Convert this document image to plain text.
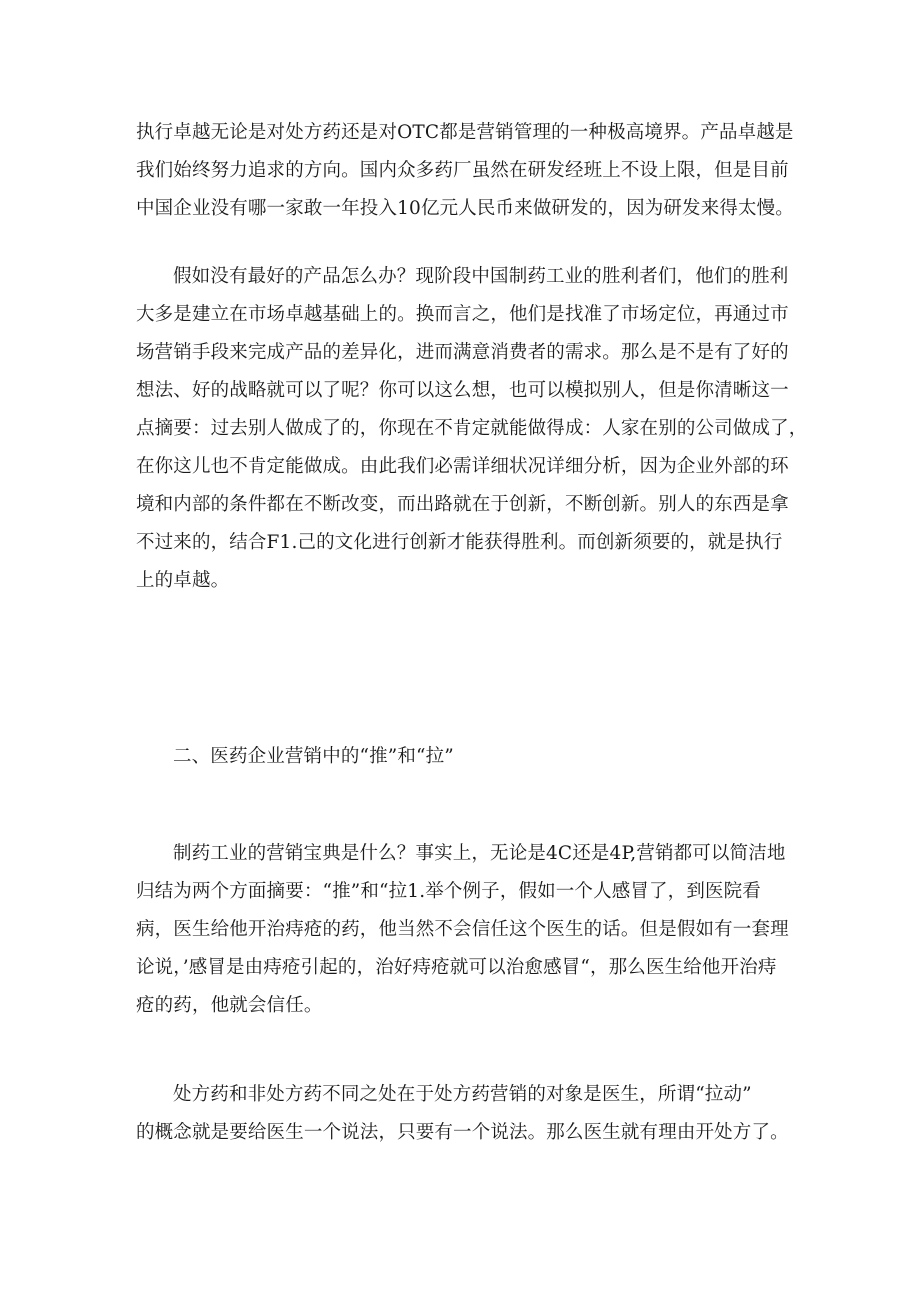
执行卓越无论是对处方药还是对OTC都是营销管理的一种极高境界。产品卓越是
我们始终努力追求的方向。国内众多药厂虽然在研发经班上不设上限，但是目前
中国企业没有哪一家敢一年投入10亿元人民币来做研发的，因为研发来得太慢。
假如没有最好的产品怎么办？现阶段中国制药工业的胜利者们，他们的胜利
大多是建立在市场卓越基础上的。换而言之，他们是找准了市场定位，再通过市
场营销手段来完成产品的差异化，进而满意消费者的需求。那么是不是有了好的
想法、好的战略就可以了呢？你可以这么想，也可以模拟别人，但是你清晰这一
点摘要：过去别人做成了的，你现在不肯定就能做得成：人家在别的公司做成了，
在你这儿也不肯定能做成。由此我们必需详细状况详细分析，因为企业外部的环
境和内部的条件都在不断改变，而出路就在于创新，不断创新。别人的东西是拿
不过来的，结合F1.己的文化进行创新才能获得胜利。而创新须要的，就是执行
上的卓越。
二、医药企业营销中的“推”和“拉”
制药工业的营销宝典是什么？事实上，无论是4C还是4P,营销都可以简洁地
归结为两个方面摘要：“推”和“拉1.举个例子，假如一个人感冒了，到医院看
病，医生给他开治痔疮的药，他当然不会信任这个医生的话。但是假如有一套理
论说，’感冒是由痔疮引起的，治好痔疮就可以治愈感冒“，那么医生给他开治痔
疮的药，他就会信任。
处方药和非处方药不同之处在于处方药营销的对象是医生，所谓“拉动”
的概念就是要给医生一个说法，只要有一个说法。那么医生就有理由开处方了。
